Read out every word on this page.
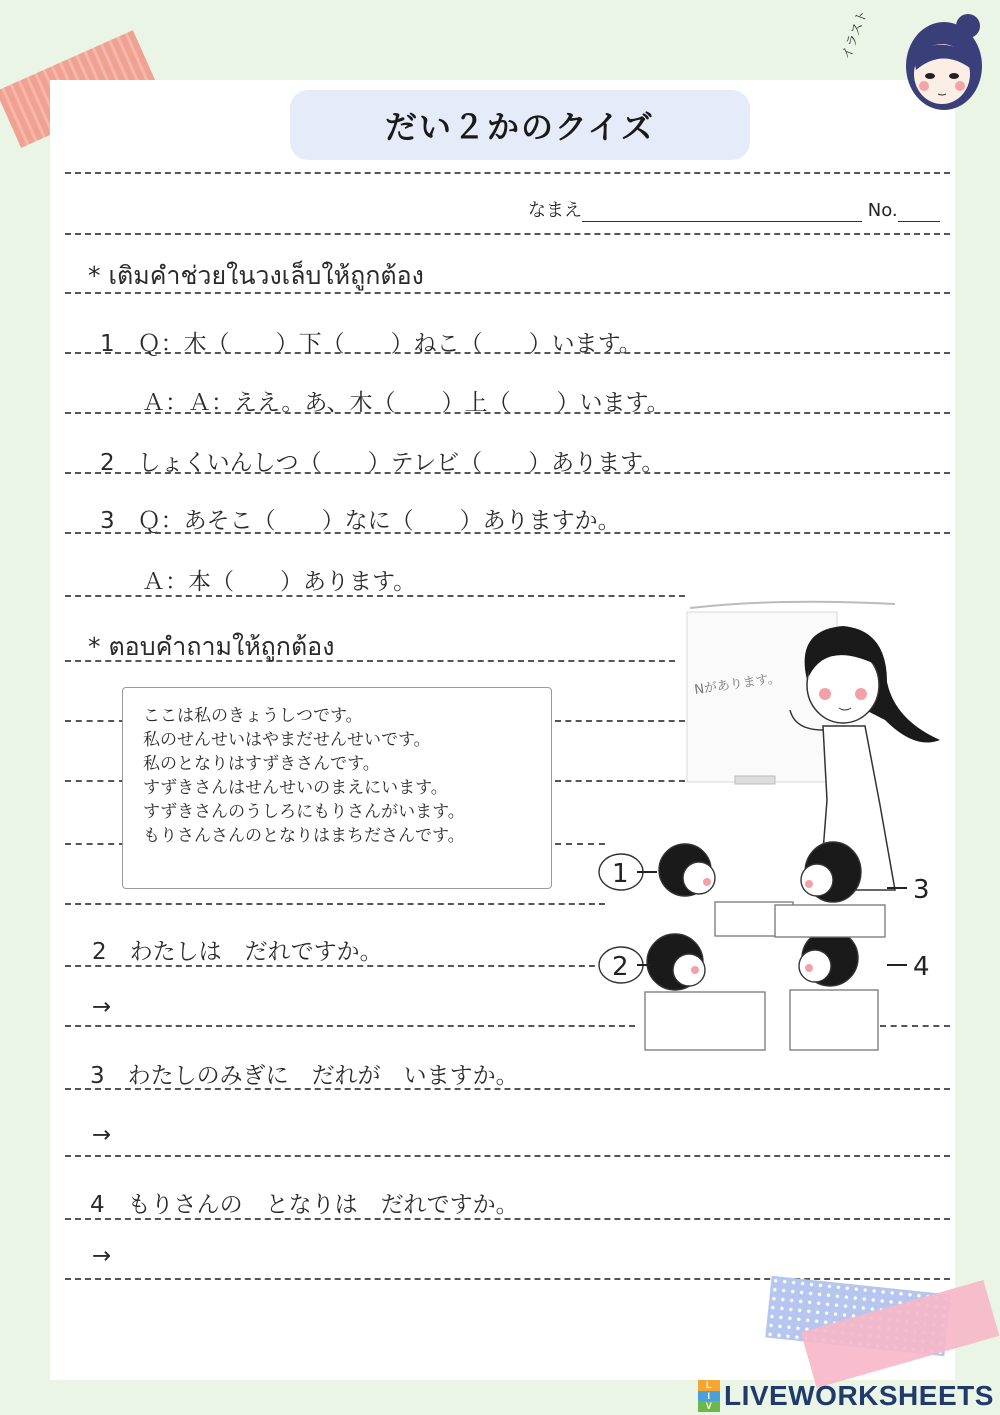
イラスト
だい２かのクイズ
なまえ	No.
* เติมคำช่วยในวงเล็บให้ถูกต้อง
1　Ｑ：木（　　）下（　　）ねこ（　　）います。
Ａ：Ａ：ええ。あ、木（　　）上（　　）います。
2　しょくいんしつ（　　）テレビ（　　）あります。
3　Ｑ：あそこ（　　）なに（　　）ありますか。
Ａ：本（　　）あります。
* ตอบคำถามให้ถูกต้อง
ここは私のきょうしつです。
私のせんせいはやまだせんせいです。
私のとなりはすずきさんです。
すずきさんはせんせいのまえにいます。
すずきさんのうしろにもりさんがいます。
もりさんさんのとなりはまちださんです。
2　わたしは　だれですか。
→
3　わたしのみぎに　だれが　いますか。
→
4　もりさんの　となりは　だれですか。
→
Nがあります。
1
2
3
4
L
I
V LIVEWORKSHEETS
